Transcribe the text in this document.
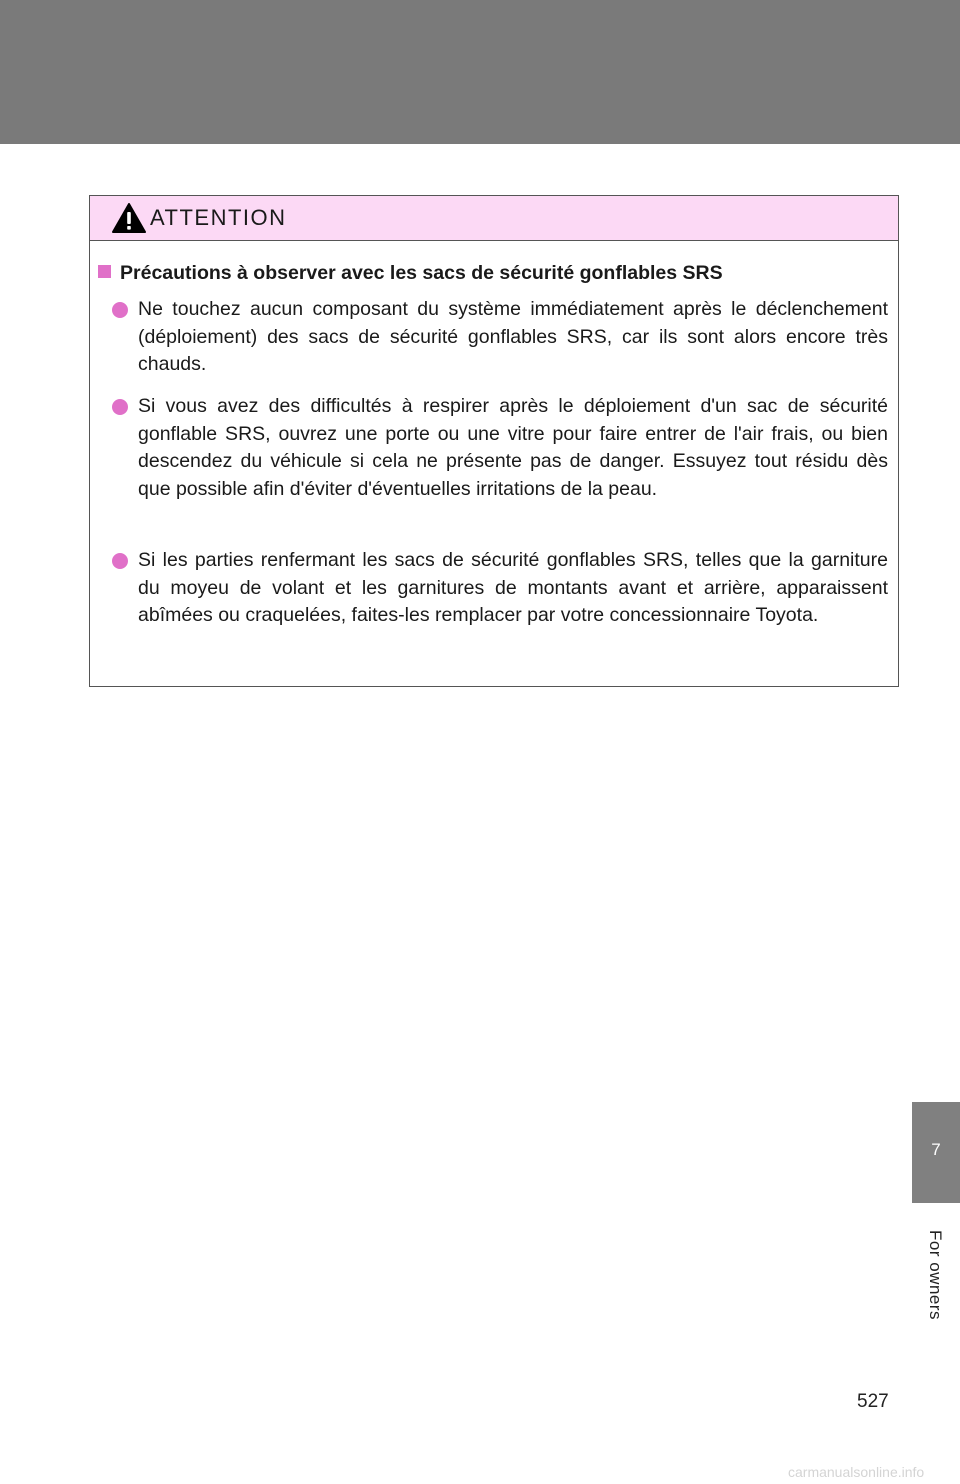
ATTENTION
Précautions à observer avec les sacs de sécurité gonflables SRS
Ne touchez aucun composant du système immédiatement après le déclenchement (déploiement) des sacs de sécurité gonflables SRS, car ils sont alors encore très chauds.
Si vous avez des difficultés à respirer après le déploiement d'un sac de sécurité gonflable SRS, ouvrez une porte ou une vitre pour faire entrer de l'air frais, ou bien descendez du véhicule si cela ne présente pas de danger. Essuyez tout résidu dès que possible afin d'éviter d'éventuelles irritations de la peau.
Si les parties renfermant les sacs de sécurité gonflables SRS, telles que la garniture du moyeu de volant et les garnitures de montants avant et arrière, apparaissent abîmées ou craquelées, faites-les remplacer par votre concessionnaire Toyota.
7
For owners
527
carmanualsonline.info
